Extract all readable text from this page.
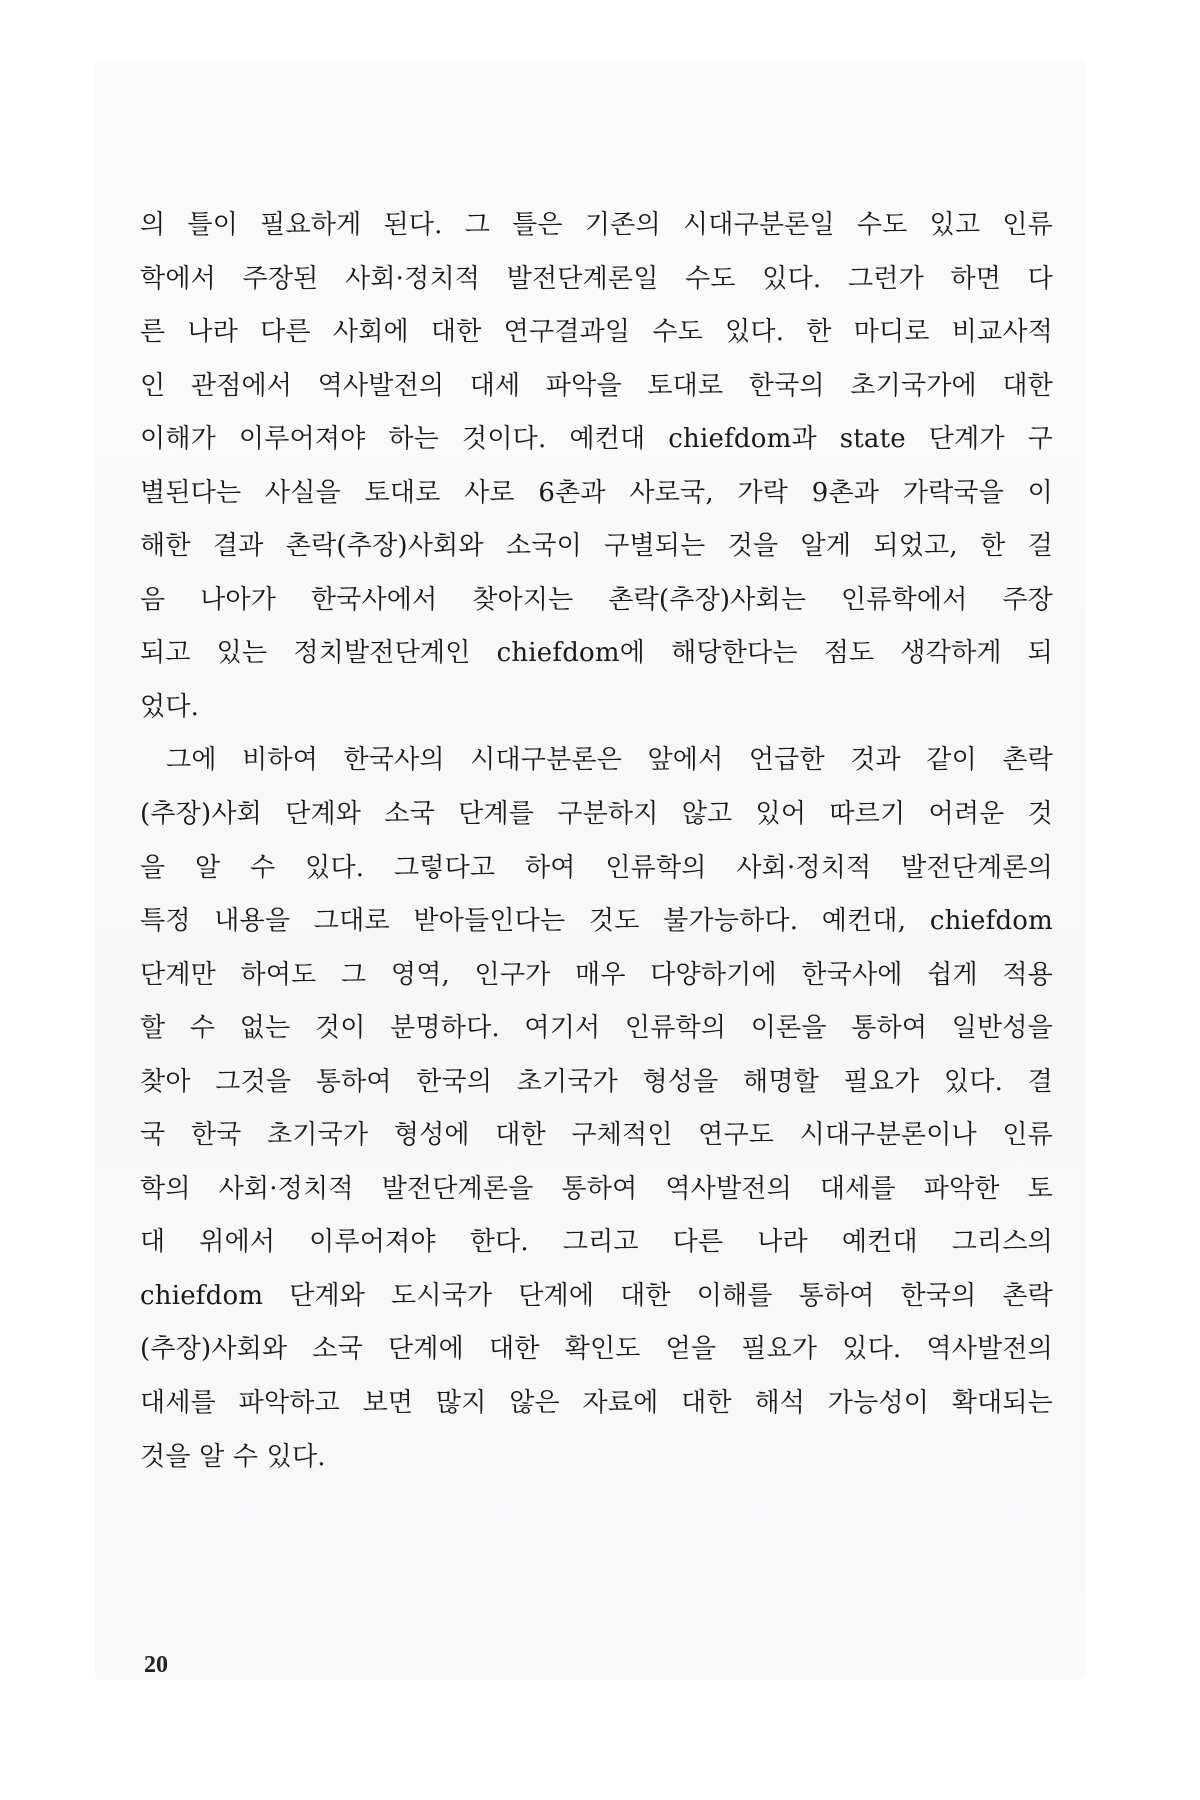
의 틀이 필요하게 된다. 그 틀은 기존의 시대구분론일 수도 있고 인류
학에서 주장된 사회·정치적 발전단계론일 수도 있다. 그런가 하면 다
른 나라 다른 사회에 대한 연구결과일 수도 있다. 한 마디로 비교사적
인 관점에서 역사발전의 대세 파악을 토대로 한국의 초기국가에 대한
이해가 이루어져야 하는 것이다. 예컨대 chiefdom과 state 단계가 구
별된다는 사실을 토대로 사로 6촌과 사로국, 가락 9촌과 가락국을 이
해한 결과 촌락(추장)사회와 소국이 구별되는 것을 알게 되었고, 한 걸
음 나아가 한국사에서 찾아지는 촌락(추장)사회는 인류학에서 주장
되고 있는 정치발전단계인 chiefdom에 해당한다는 점도 생각하게 되
었다.
그에 비하여 한국사의 시대구분론은 앞에서 언급한 것과 같이 촌락
(추장)사회 단계와 소국 단계를 구분하지 않고 있어 따르기 어려운 것
을 알 수 있다. 그렇다고 하여 인류학의 사회·정치적 발전단계론의
특정 내용을 그대로 받아들인다는 것도 불가능하다. 예컨대, chiefdom
단계만 하여도 그 영역, 인구가 매우 다양하기에 한국사에 쉽게 적용
할 수 없는 것이 분명하다. 여기서 인류학의 이론을 통하여 일반성을
찾아 그것을 통하여 한국의 초기국가 형성을 해명할 필요가 있다. 결
국 한국 초기국가 형성에 대한 구체적인 연구도 시대구분론이나 인류
학의 사회·정치적 발전단계론을 통하여 역사발전의 대세를 파악한 토
대 위에서 이루어져야 한다. 그리고 다른 나라 예컨대 그리스의
chiefdom 단계와 도시국가 단계에 대한 이해를 통하여 한국의 촌락
(추장)사회와 소국 단계에 대한 확인도 얻을 필요가 있다. 역사발전의
대세를 파악하고 보면 많지 않은 자료에 대한 해석 가능성이 확대되는
것을 알 수 있다.
20
